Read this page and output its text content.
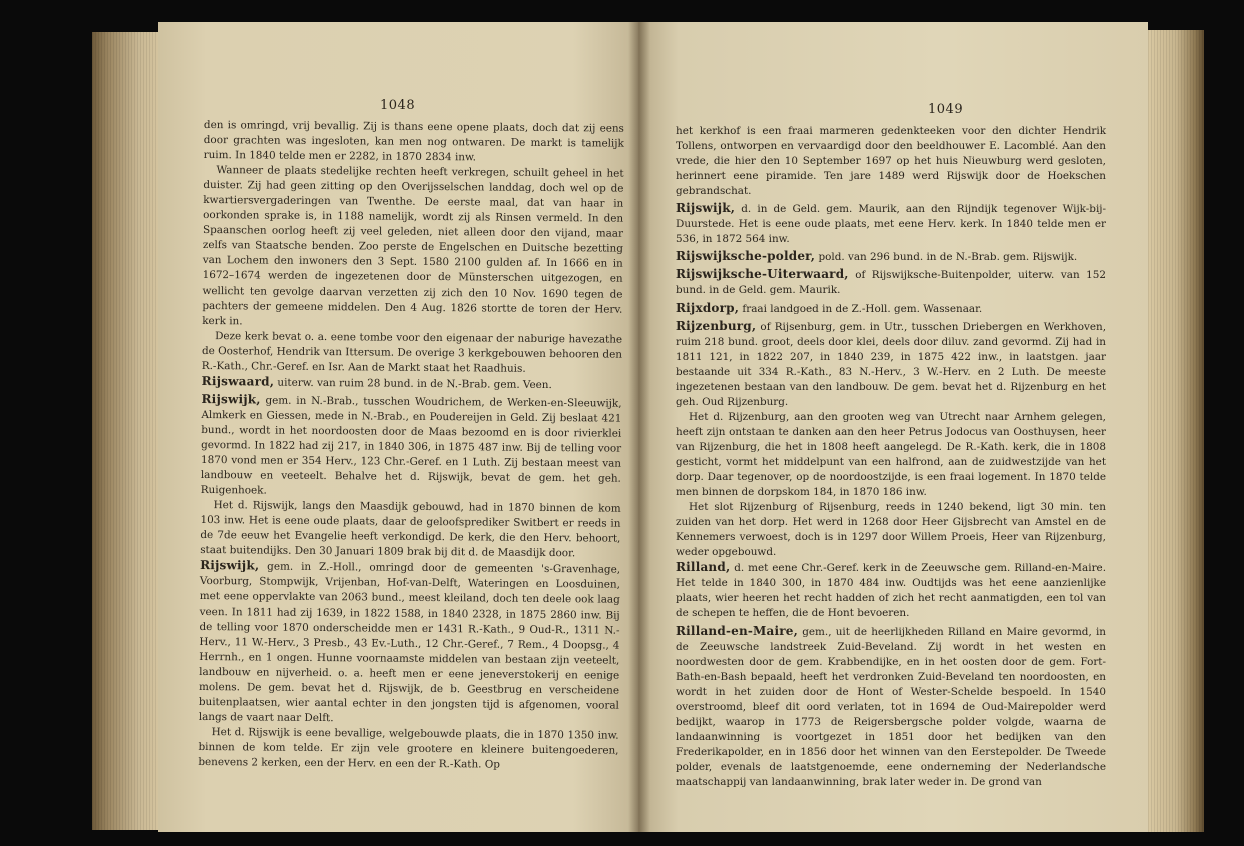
1048

den is omringd, vrij bevallig. Zij is thans eene opene plaats, doch dat zij eens door grachten was ingesloten, kan men nog ontwaren. De markt is tamelijk ruim. In 1840 telde men er 2282, in 1870 2834 inw.

Wanneer de plaats stedelijke rechten heeft verkregen, schuilt geheel in het duister. Zij had geen zitting op den Overijsselschen landdag, doch wel op de kwartiersvergaderingen van Twenthe. De eerste maal, dat van haar in oorkonden sprake is, in 1188 namelijk, wordt zij als Rinsen vermeld. In den Spaanschen oorlog heeft zij veel geleden, niet alleen door den vijand, maar zelfs van Staatsche benden. Zoo perste de Engelschen en Duitsche bezetting van Lochem den inwoners den 3 Sept. 1580 2100 gulden af. In 1666 en in 1672–1674 werden de ingezetenen door de Münsterschen uitgezogen, en wellicht ten gevolge daarvan verzetten zij zich den 10 Nov. 1690 tegen de pachters der gemeene middelen. Den 4 Aug. 1826 stortte de toren der Herv. kerk in.

Deze kerk bevat o. a. eene tombe voor den eigenaar der naburige havezathe de Oosterhof, Hendrik van Ittersum. De overige 3 kerkgebouwen behooren den R.-Kath., Chr.-Geref. en Isr. Aan de Markt staat het Raadhuis.

Rijswaard, uiterw. van ruim 28 bund. in de N.-Brab. gem. Veen.

Rijswijk, gem. in N.-Brab., tusschen Woudrichem, de Werken-en-Sleeuwijk, Almkerk en Giessen, mede in N.-Brab., en Poudereijen in Geld. Zij beslaat 421 bund., wordt in het noordoosten door de Maas bezoomd en is door rivierklei gevormd. In 1822 had zij 217, in 1840 306, in 1875 487 inw. Bij de telling voor 1870 vond men er 354 Herv., 123 Chr.-Geref. en 1 Luth. Zij bestaan meest van landbouw en veeteelt. Behalve het d. Rijswijk, bevat de gem. het geh. Ruigenhoek.

Het d. Rijswijk, langs den Maasdijk gebouwd, had in 1870 binnen de kom 103 inw. Het is eene oude plaats, daar de geloofsprediker Switbert er reeds in de 7de eeuw het Evangelie heeft verkondigd. De kerk, die den Herv. behoort, staat buitendijks. Den 30 Januari 1809 brak bij dit d. de Maasdijk door.

Rijswijk, gem. in Z.-Holl., omringd door de gemeenten 's-Gravenhage, Voorburg, Stompwijk, Vrijenban, Hof-van-Delft, Wateringen en Loosduinen, met eene oppervlakte van 2063 bund., meest kleiland, doch ten deele ook laag veen. In 1811 had zij 1639, in 1822 1588, in 1840 2328, in 1875 2860 inw. Bij de telling voor 1870 onderscheidde men er 1431 R.-Kath., 9 Oud-R., 1311 N.-Herv., 11 W.-Herv., 3 Presb., 43 Ev.-Luth., 12 Chr.-Geref., 7 Rem., 4 Doopsg., 4 Herrnh., en 1 ongen. Hunne voornaamste middelen van bestaan zijn veeteelt, landbouw en nijverheid. o. a. heeft men er eene jeneverstokerij en eenige molens. De gem. bevat het d. Rijswijk, de b. Geestbrug en verscheidene buitenplaatsen, wier aantal echter in den jongsten tijd is afgenomen, vooral langs de vaart naar Delft.

Het d. Rijswijk is eene bevallige, welgebouwde plaats, die in 1870 1350 inw. binnen de kom telde. Er zijn vele grootere en kleinere buitengoederen, benevens 2 kerken, een der Herv. en een der R.-Kath. Op

1049

het kerkhof is een fraai marmeren gedenkteeken voor den dichter Hendrik Tollens, ontworpen en vervaardigd door den beeldhouwer E. Lacomblé. Aan den vrede, die hier den 10 September 1697 op het huis Nieuwburg werd gesloten, herinnert eene piramide. Ten jare 1489 werd Rijswijk door de Hoekschen gebrandschat.

Rijswijk, d. in de Geld. gem. Maurik, aan den Rijndijk tegenover Wijk-bij-Duurstede. Het is eene oude plaats, met eene Herv. kerk. In 1840 telde men er 536, in 1872 564 inw.

Rijswijksche-polder, pold. van 296 bund. in de N.-Brab. gem. Rijswijk.

Rijswijksche-Uiterwaard, of Rijswijksche-Buitenpolder, uiterw. van 152 bund. in de Geld. gem. Maurik.

Rijxdorp, fraai landgoed in de Z.-Holl. gem. Wassenaar.

Rijzenburg, of Rijsenburg, gem. in Utr., tusschen Driebergen en Werkhoven, ruim 218 bund. groot, deels door klei, deels door diluv. zand gevormd. Zij had in 1811 121, in 1822 207, in 1840 239, in 1875 422 inw., in laatstgen. jaar bestaande uit 334 R.-Kath., 83 N.-Herv., 3 W.-Herv. en 2 Luth. De meeste ingezetenen bestaan van den landbouw. De gem. bevat het d. Rijzenburg en het geh. Oud Rijzenburg.

Het d. Rijzenburg, aan den grooten weg van Utrecht naar Arnhem gelegen, heeft zijn ontstaan te danken aan den heer Petrus Jodocus van Oosthuysen, heer van Rijzenburg, die het in 1808 heeft aangelegd. De R.-Kath. kerk, die in 1808 gesticht, vormt het middelpunt van een halfrond, aan de zuidwestzijde van het dorp. Daar tegenover, op de noordoostzijde, is een fraai logement. In 1870 telde men binnen de dorpskom 184, in 1870 186 inw.

Het slot Rijzenburg of Rijsenburg, reeds in 1240 bekend, ligt 30 min. ten zuiden van het dorp. Het werd in 1268 door Heer Gijsbrecht van Amstel en de Kennemers verwoest, doch is in 1297 door Willem Proeis, Heer van Rijzenburg, weder opgebouwd.

Rilland, d. met eene Chr.-Geref. kerk in de Zeeuwsche gem. Rilland-en-Maire. Het telde in 1840 300, in 1870 484 inw. Oudtijds was het eene aanzienlijke plaats, wier heeren het recht hadden of zich het recht aanmatigden, een tol van de schepen te heffen, die de Hont bevoeren.

Rilland-en-Maire, gem., uit de heerlijkheden Rilland en Maire gevormd, in de Zeeuwsche landstreek Zuid-Beveland. Zij wordt in het westen en noordwesten door de gem. Krabbendijke, en in het oosten door de gem. Fort-Bath-en-Bash bepaald, heeft het verdronken Zuid-Beveland ten noordoosten, en wordt in het zuiden door de Hont of Wester-Schelde bespoeld. In 1540 overstroomd, bleef dit oord verlaten, tot in 1694 de Oud-Mairepolder werd bedijkt, waarop in 1773 de Reigersbergsche polder volgde, waarna de landaanwinning is voortgezet in 1851 door het bedijken van den Frederikapolder, en in 1856 door het winnen van den Eerstepolder. De Tweede polder, evenals de laatstgenoemde, eene onderneming der Nederlandsche maatschappij van landaanwinning, brak later weder in. De grond van
